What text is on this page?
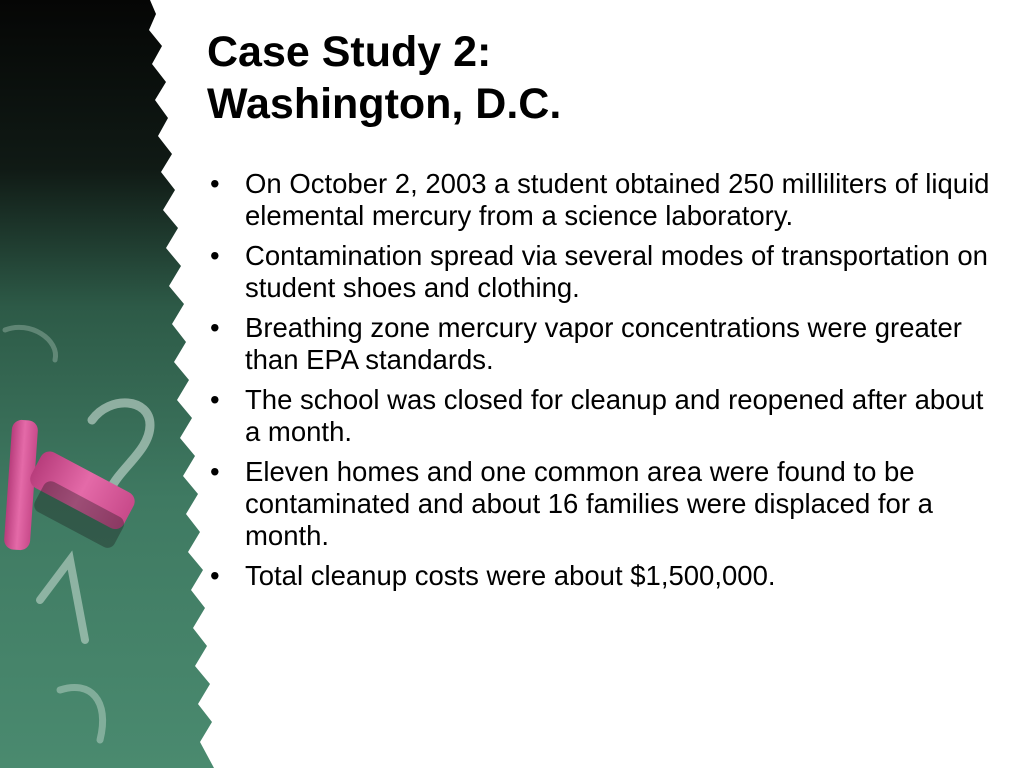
Case Study 2:
Washington, D.C.
• On October 2, 2003 a student obtained 250 milliliters of liquid elemental mercury from a science laboratory.
• Contamination spread via several modes of transportation on student shoes and clothing.
• Breathing zone mercury vapor concentrations were greater than EPA standards.
• The school was closed for cleanup and reopened after about a month.
• Eleven homes and one common area were found to be contaminated and about 16 families were displaced for a month.
• Total cleanup costs were about $1,500,000.
